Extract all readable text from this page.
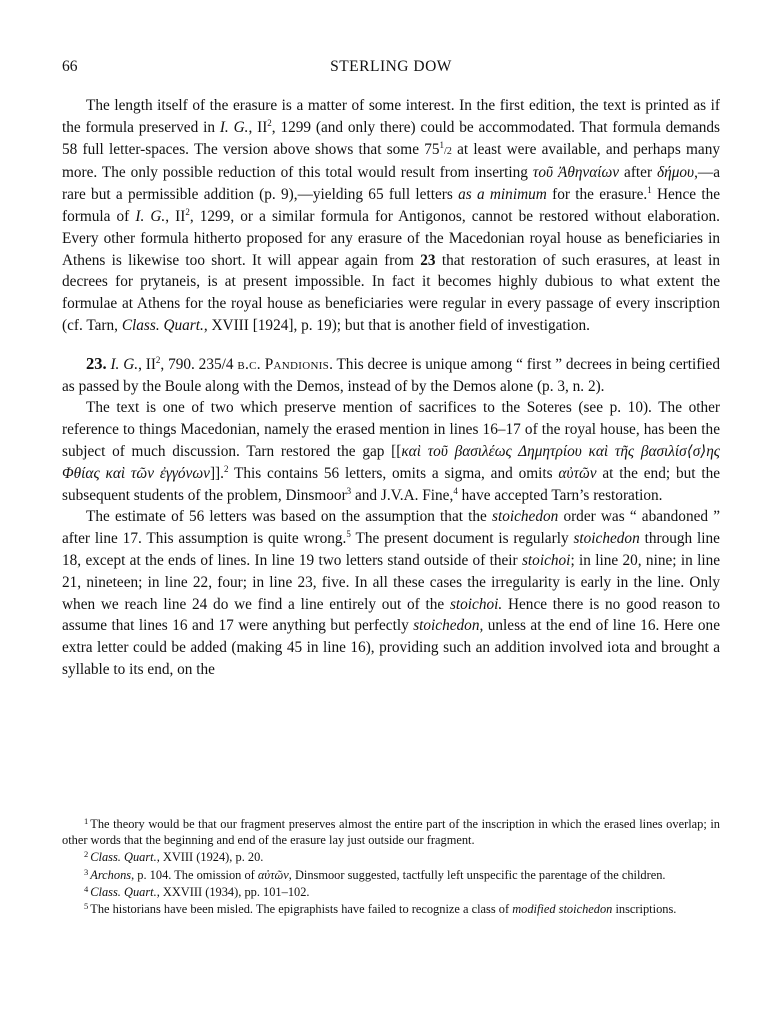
66	STERLING DOW

The length itself of the erasure is a matter of some interest. In the first edition, the text is printed as if the formula preserved in I. G., $II^2$, 1299 (and only there) could be accommodated. That formula demands 58 full letter-spaces. The version above shows that some $75^1/2$ at least were available, and perhaps many more. The only possible reduction of this total would result from inserting τοῦ Ἀθηναίων after δήμου,—a rare but a permissible addition (p. 9),—yielding 65 full letters as a minimum for the erasure.$^1$ Hence the formula of I. G., $II^2$, 1299, or a similar formula for Antigonos, cannot be restored without elaboration. Every other formula hitherto proposed for any erasure of the Macedonian royal house as beneficiaries in Athens is likewise too short. It will appear again from 23 that restoration of such erasures, at least in decrees for prytaneis, is at present impossible. In fact it becomes highly dubious to what extent the formulae at Athens for the royal house as beneficiaries were regular in every passage of every inscription (cf. Tarn, Class. Quart., XVIII [1924], p. 19); but that is another field of investigation.

23. I. G., $II^2$, 790. 235/4 b.c. Pandionis. This decree is unique among “ first ” decrees in being certified as passed by the Boule along with the Demos, instead of by the Demos alone (p. 3, n. 2).

The text is one of two which preserve mention of sacrifices to the Soteres (see p. 10). The other reference to things Macedonian, namely the erased mention in lines 16–17 of the royal house, has been the subject of much discussion. Tarn restored the gap [[καὶ τοῦ βασιλέως Δημητρίου καὶ τῆς βασιλίσ⟨σ⟩ης Φθίας καὶ τῶν ἐγγόνων]].$^2$ This contains 56 letters, omits a sigma, and omits αὐτῶν at the end; but the subsequent students of the problem, Dinsmoor$^3$ and J.V.A. Fine,$^4$ have accepted Tarn’s restoration.

The estimate of 56 letters was based on the assumption that the stoichedon order was “ abandoned ” after line 17. This assumption is quite wrong.$^5$ The present document is regularly stoichedon through line 18, except at the ends of lines. In line 19 two letters stand outside of their stoichoi; in line 20, nine; in line 21, nineteen; in line 22, four; in line 23, five. In all these cases the irregularity is early in the line. Only when we reach line 24 do we find a line entirely out of the stoichoi. Hence there is no good reason to assume that lines 16 and 17 were anything but perfectly stoichedon, unless at the end of line 16. Here one extra letter could be added (making 45 in line 16), providing such an addition involved iota and brought a syllable to its end, on the

$^1$ The theory would be that our fragment preserves almost the entire part of the inscription in which the erased lines overlap; in other words that the beginning and end of the erasure lay just outside our fragment.

$^2$ Class. Quart., XVIII (1924), p. 20.

$^3$ Archons, p. 104. The omission of αὐτῶν, Dinsmoor suggested, tactfully left unspecific the parentage of the children.

$^4$ Class. Quart., XXVIII (1934), pp. 101–102.

$^5$ The historians have been misled. The epigraphists have failed to recognize a class of modified stoichedon inscriptions.
